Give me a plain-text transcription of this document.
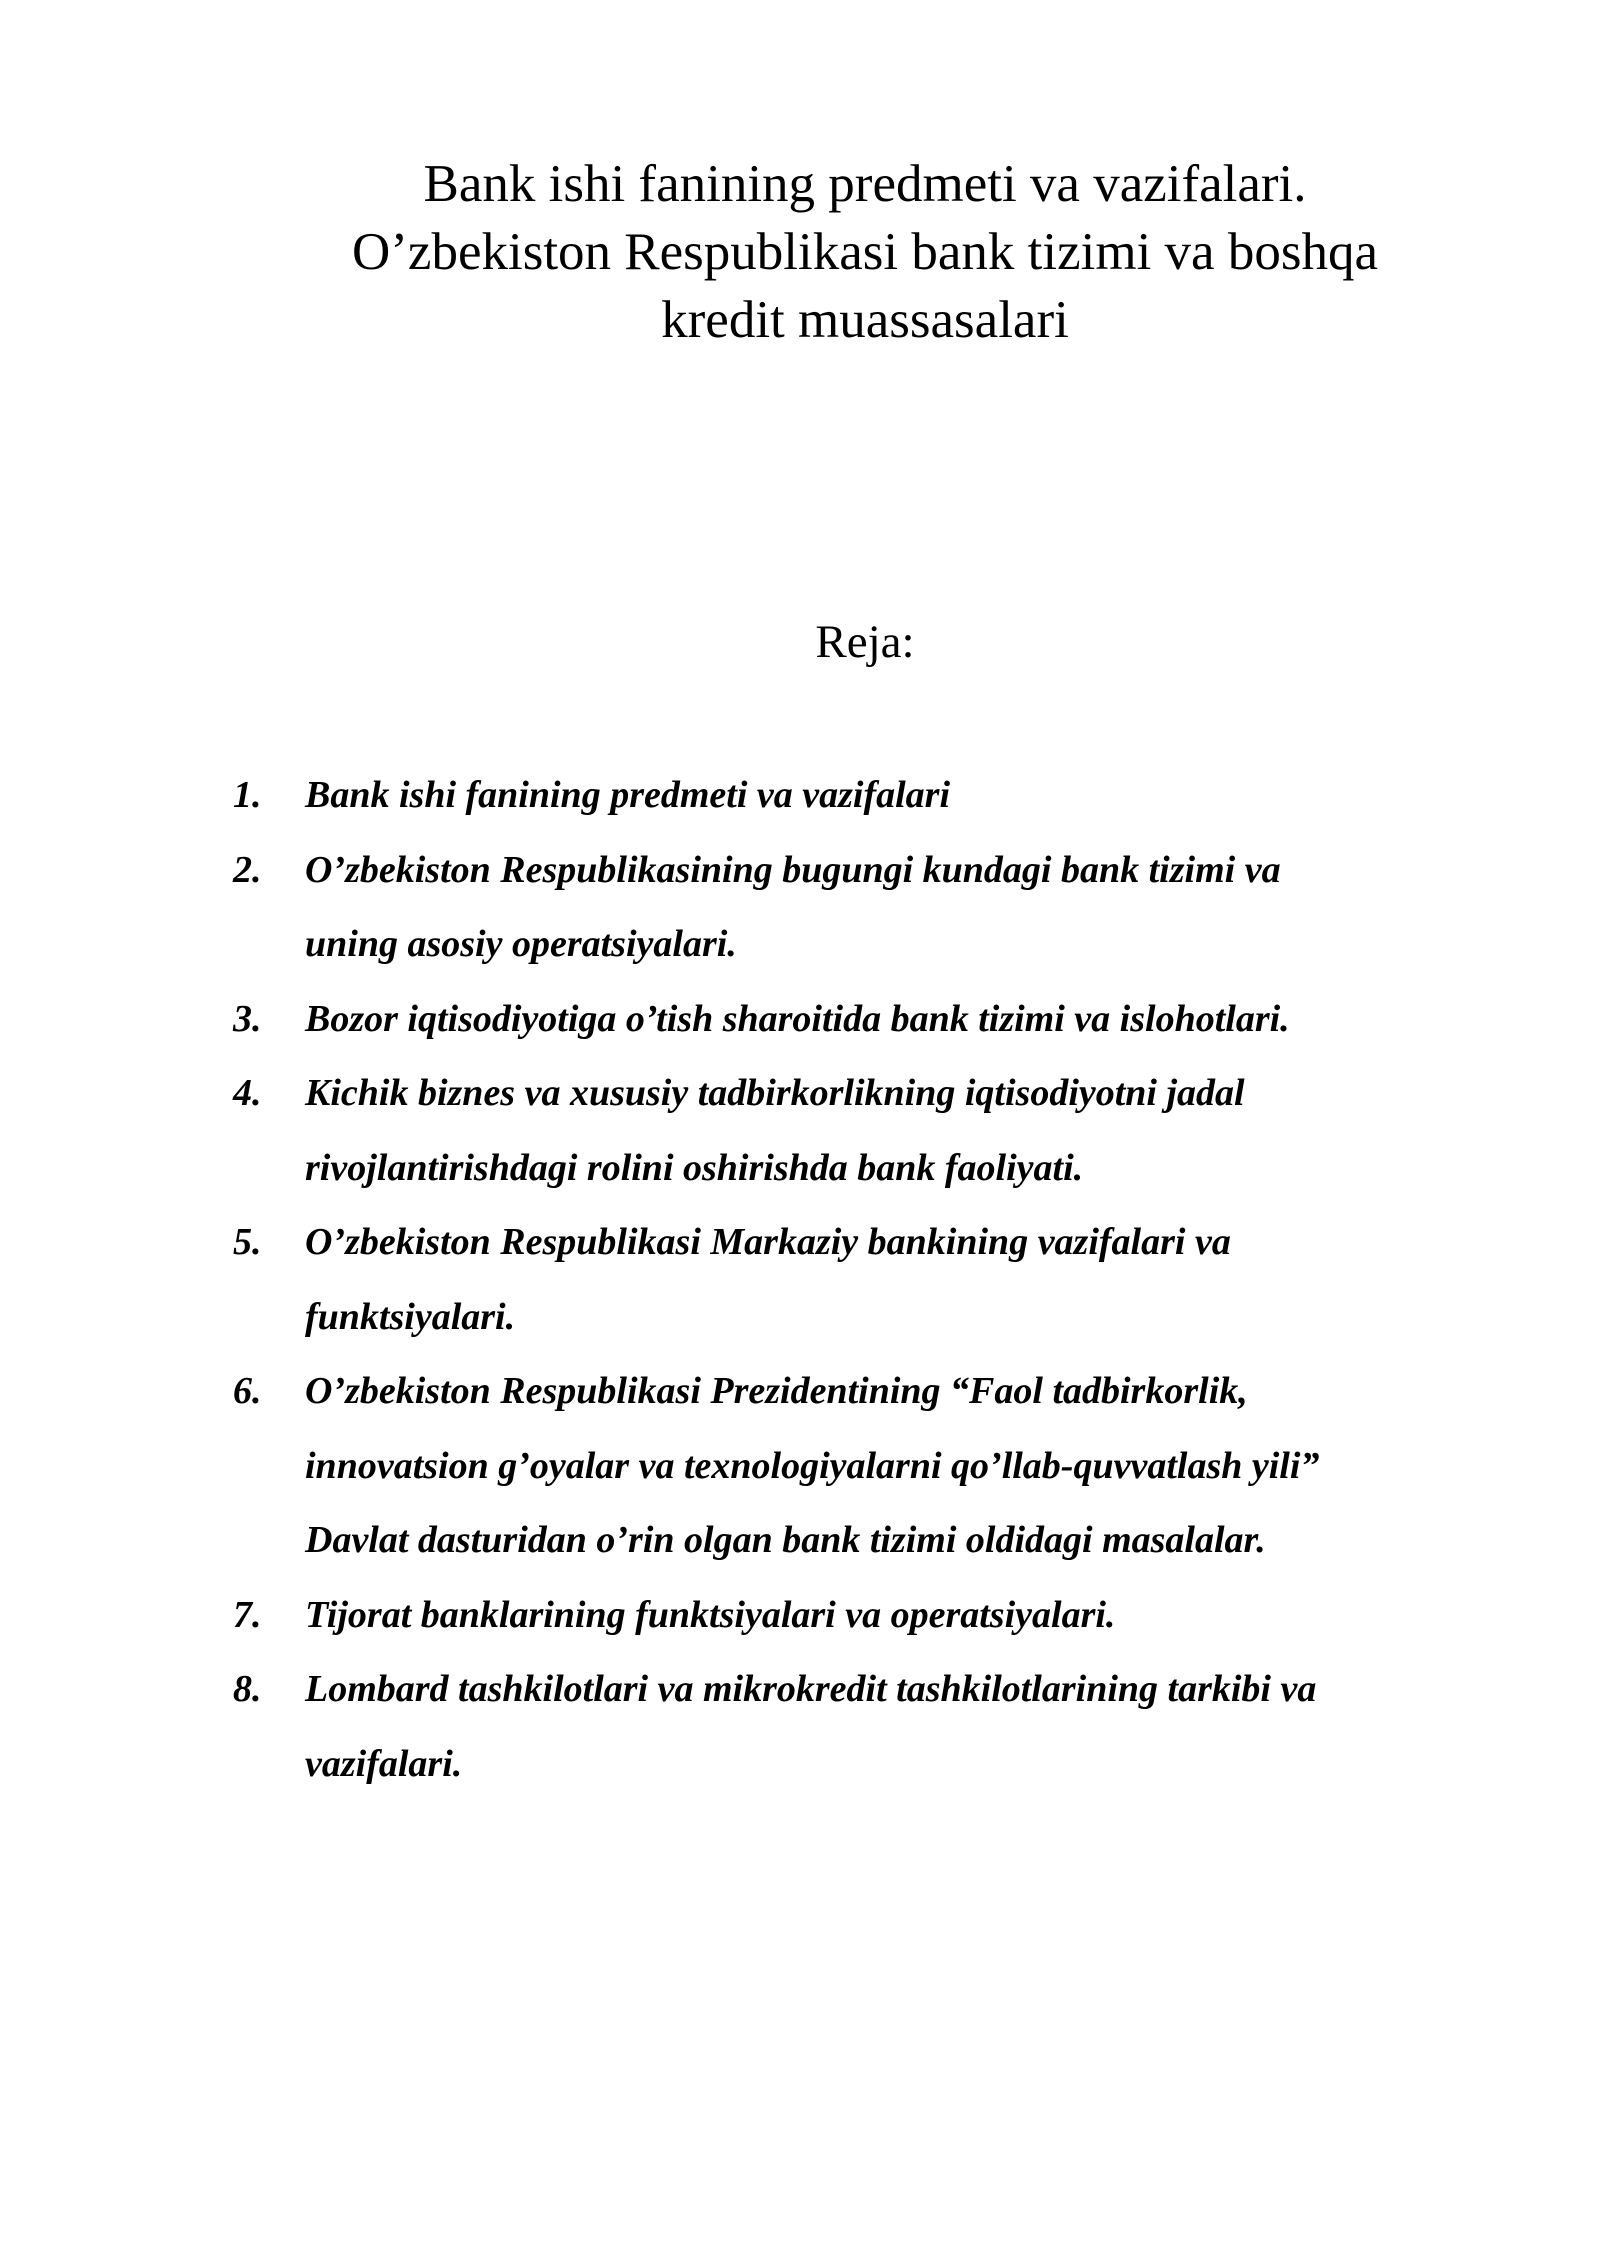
Bank ishi fanining predmeti va vazifalari.
O’zbekiston Respublikasi bank tizimi va boshqa
kredit muassasalari
Reja:
1. Bank ishi fanining predmeti va vazifalari
2. O’zbekiston Respublikasining bugungi kundagi bank tizimi va
uning asosiy operatsiyalari.
3. Bozor iqtisodiyotiga o’tish sharoitida bank tizimi va islohotlari.
4. Kichik biznes va xususiy tadbirkorlikning iqtisodiyotni jadal
rivojlantirishdagi rolini oshirishda bank faoliyati.
5. O’zbekiston Respublikasi Markaziy bankining vazifalari va
funktsiyalari.
6. O’zbekiston Respublikasi Prezidentining “Faol tadbirkorlik,
innovatsion g’oyalar va texnologiyalarni qo’llab-quvvatlash yili”
Davlat dasturidan o’rin olgan bank tizimi oldidagi masalalar.
7. Tijorat banklarining funktsiyalari va operatsiyalari.
8. Lombard tashkilotlari va mikrokredit tashkilotlarining tarkibi va
vazifalari.
